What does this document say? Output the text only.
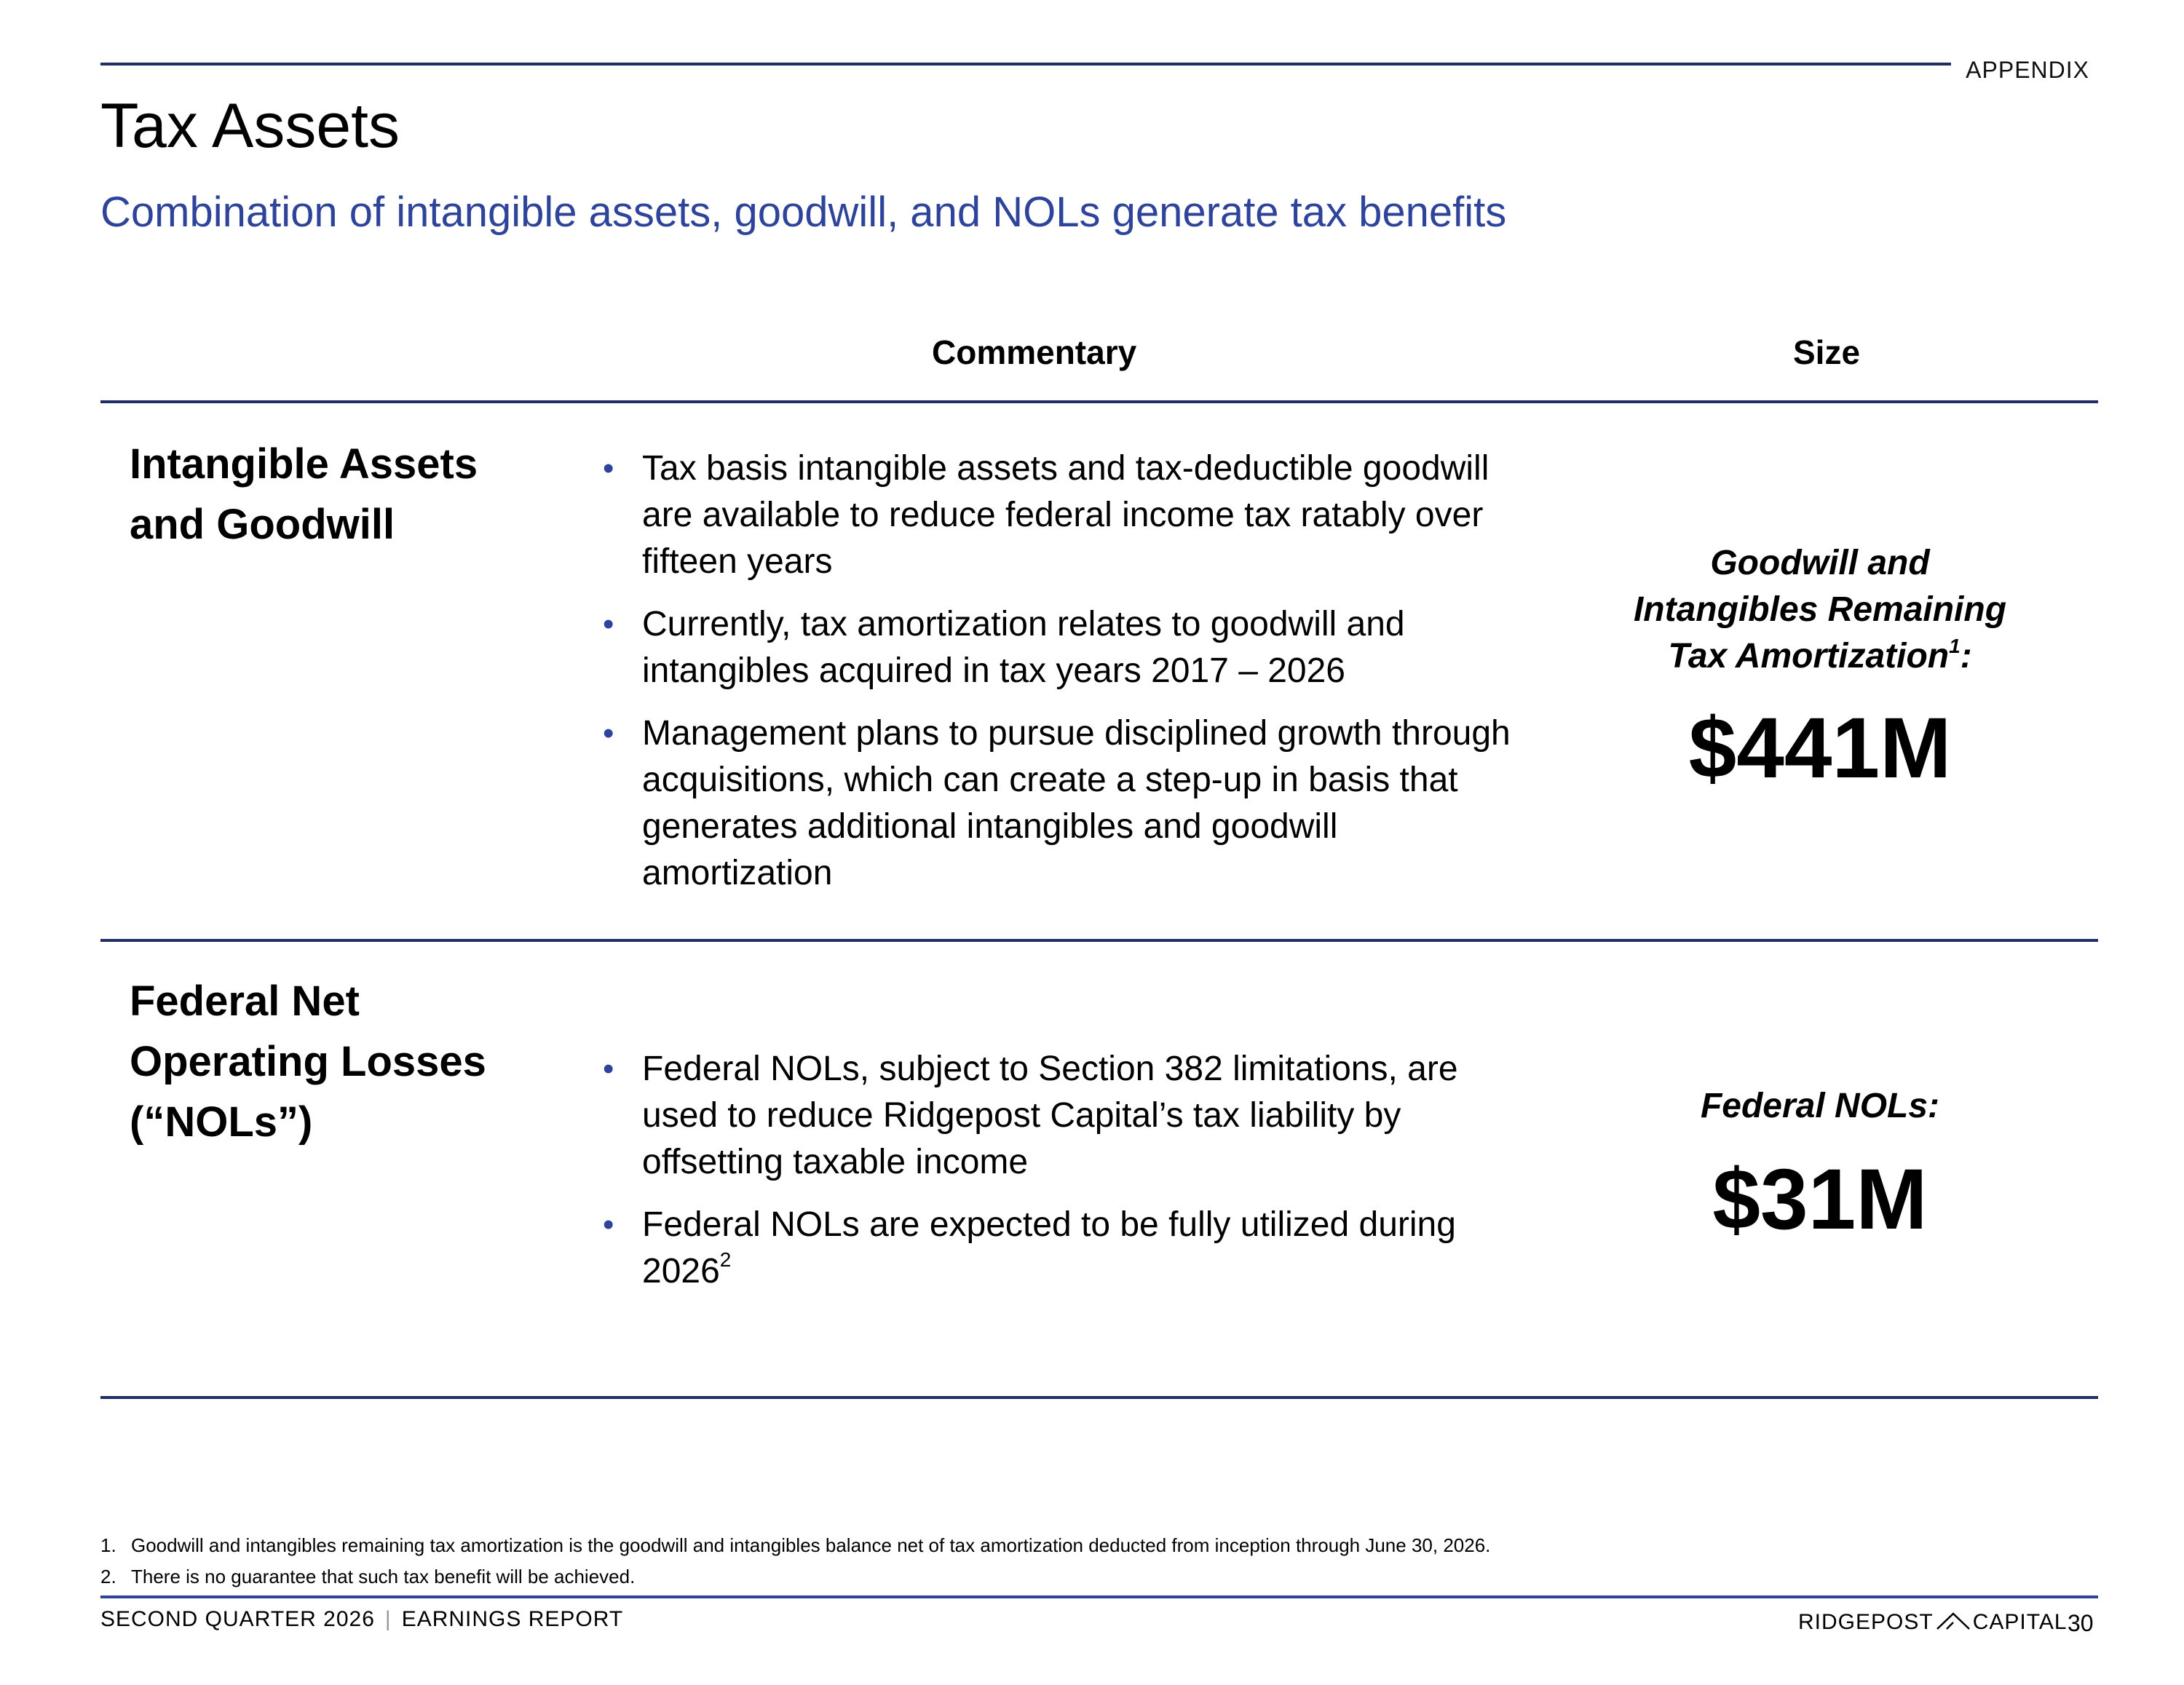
APPENDIX
Tax Assets
Combination of intangible assets, goodwill, and NOLs generate tax benefits
Commentary	Size
Intangible Assets
and Goodwill
• Tax basis intangible assets and tax-deductible goodwill are available to reduce federal income tax ratably over fifteen years
• Currently, tax amortization relates to goodwill and intangibles acquired in tax years 2017 – 2026
• Management plans to pursue disciplined growth through acquisitions, which can create a step-up in basis that generates additional intangibles and goodwill amortization
Goodwill and
Intangibles Remaining
Tax Amortization$^1$:
$441M
Federal Net
Operating Losses
(“NOLs”)
• Federal NOLs, subject to Section 382 limitations, are used to reduce Ridgepost Capital’s tax liability by offsetting taxable income
• Federal NOLs are expected to be fully utilized during 2026$^2$
Federal NOLs:
$31M
1. Goodwill and intangibles remaining tax amortization is the goodwill and intangibles balance net of tax amortization deducted from inception through June 30, 2026.
2. There is no guarantee that such tax benefit will be achieved.
SECOND QUARTER 2026 | EARNINGS REPORT	RIDGEPOST CAPITAL 30
